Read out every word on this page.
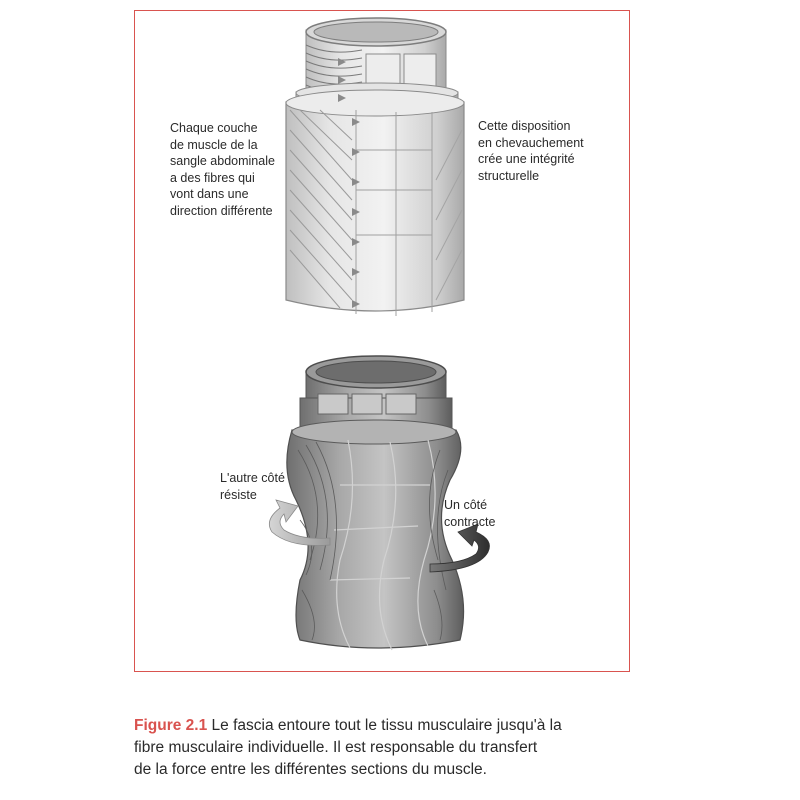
Chaque couche
de muscle de la
sangle abdominale
a des fibres qui
vont dans une
direction différente
Cette disposition
en chevauchement
crée une intégrité
structurelle
L'autre côté
résiste
Un côté
contracte
Figure 2.1 Le fascia entoure tout le tissu musculaire jusqu'à la
fibre musculaire individuelle. Il est responsable du transfert
de la force entre les différentes sections du muscle.
